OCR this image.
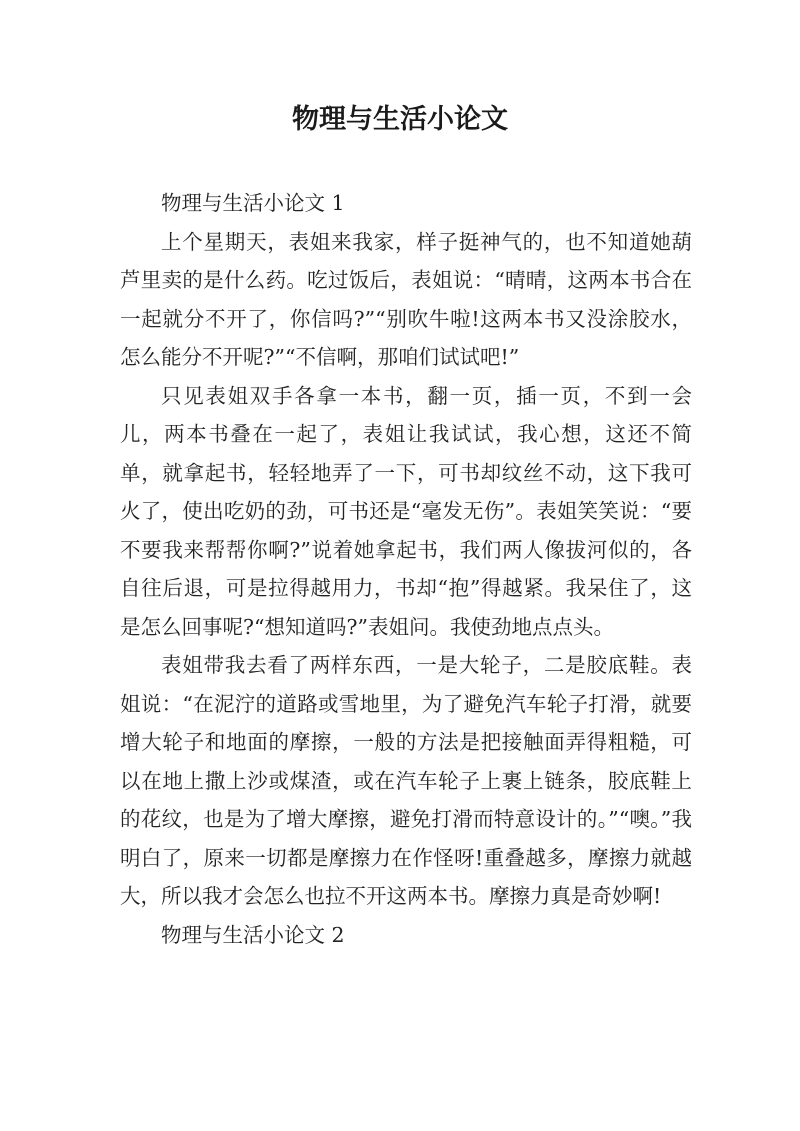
物理与生活小论文

物理与生活小论文 1

上个星期天，表姐来我家，样子挺神气的，也不知道她葫芦里卖的是什么药。吃过饭后，表姐说：“晴晴，这两本书合在一起就分不开了，你信吗?”“别吹牛啦!这两本书又没涂胶水，怎么能分不开呢?”“不信啊，那咱们试试吧!”

只见表姐双手各拿一本书，翻一页，插一页，不到一会儿，两本书叠在一起了，表姐让我试试，我心想，这还不简单，就拿起书，轻轻地弄了一下，可书却纹丝不动，这下我可火了，使出吃奶的劲，可书还是“毫发无伤”。表姐笑笑说：“要不要我来帮帮你啊?”说着她拿起书，我们两人像拔河似的，各自往后退，可是拉得越用力，书却“抱”得越紧。我呆住了，这是怎么回事呢?“想知道吗?”表姐问。我使劲地点点头。

表姐带我去看了两样东西，一是大轮子，二是胶底鞋。表姐说：“在泥泞的道路或雪地里，为了避免汽车轮子打滑，就要增大轮子和地面的摩擦，一般的方法是把接触面弄得粗糙，可以在地上撒上沙或煤渣，或在汽车轮子上裹上链条，胶底鞋上的花纹，也是为了增大摩擦，避免打滑而特意设计的。”“噢。”我明白了，原来一切都是摩擦力在作怪呀!重叠越多，摩擦力就越大，所以我才会怎么也拉不开这两本书。摩擦力真是奇妙啊!

物理与生活小论文 2
